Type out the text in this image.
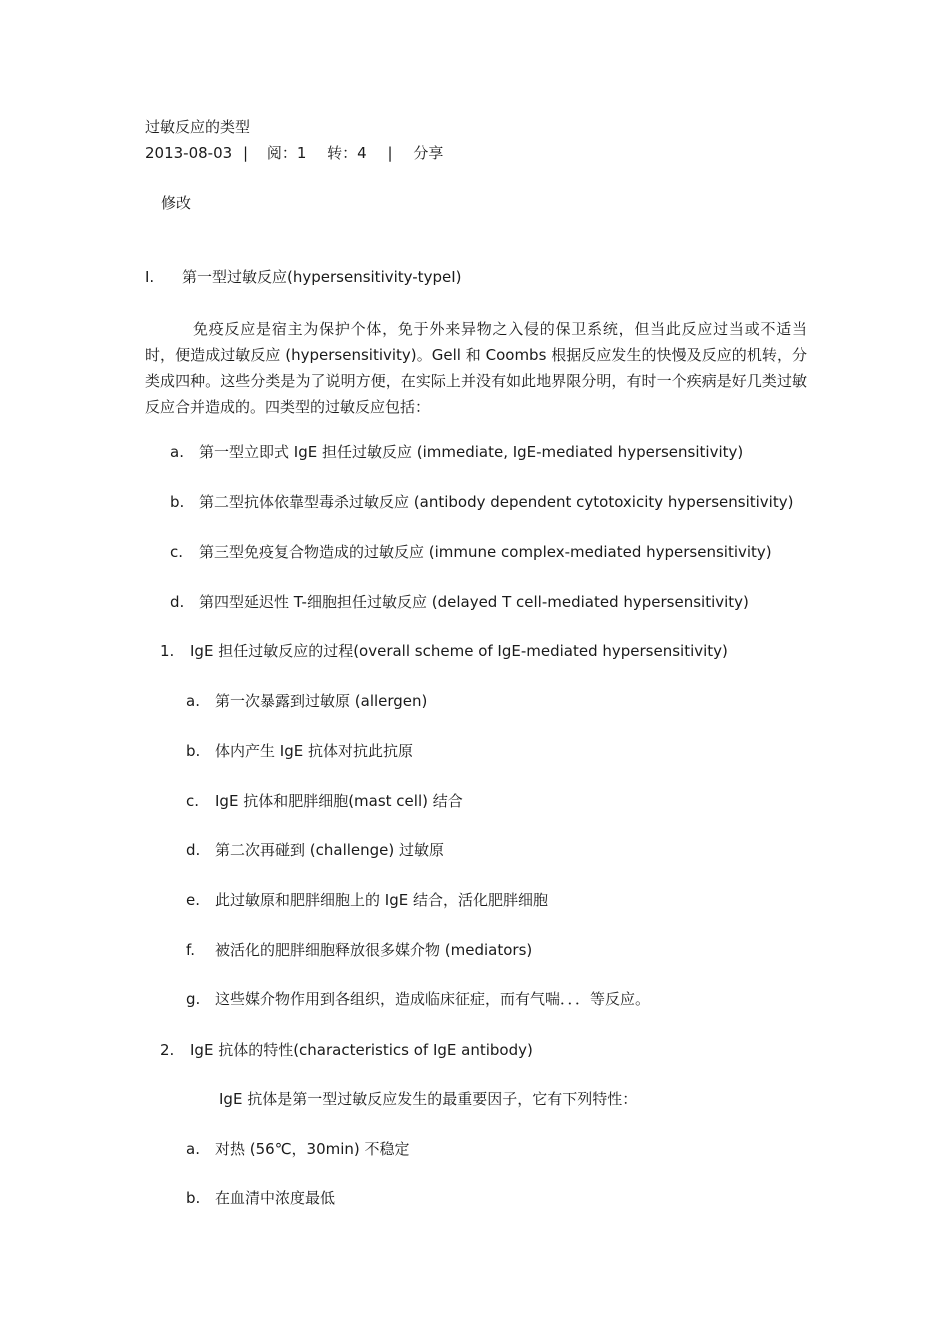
过敏反应的类型
2013-08-03 | 阅：1 转：4 | 分享
修改
Ⅰ. 第一型过敏反应(hypersensitivity-typeⅠ)
免疫反应是宿主为保护个体，免于外来异物之入侵的保卫系统，但当此反应过当或不适当时，便造成过敏反应 (hypersensitivity)。Gell 和 Coombs 根据反应发生的快慢及反应的机转，分类成四种。这些分类是为了说明方便，在实际上并没有如此地界限分明，有时一个疾病是好几类过敏反应合并造成的。四类型的过敏反应包括：
a. 第一型立即式 IgE 担任过敏反应 (immediate, IgE-mediated hypersensitivity)
b. 第二型抗体依靠型毒杀过敏反应 (antibody dependent cytotoxicity hypersensitivity)
c. 第三型免疫复合物造成的过敏反应 (immune complex-mediated hypersensitivity)
d. 第四型延迟性 T-细胞担任过敏反应 (delayed T cell-mediated hypersensitivity)
1. IgE 担任过敏反应的过程(overall scheme of IgE-mediated hypersensitivity)
a. 第一次暴露到过敏原 (allergen)
b. 体内产生 IgE 抗体对抗此抗原
c. IgE 抗体和肥胖细胞(mast cell) 结合
d. 第二次再碰到 (challenge) 过敏原
e. 此过敏原和肥胖细胞上的 IgE 结合，活化肥胖细胞
f. 被活化的肥胖细胞释放很多媒介物 (mediators)
g. 这些媒介物作用到各组织，造成临床征症，而有气喘．．．等反应。
2. IgE 抗体的特性(characteristics of IgE antibody)
IgE 抗体是第一型过敏反应发生的最重要因子，它有下列特性：
a. 对热 (56℃，30min) 不稳定
b. 在血清中浓度最低
